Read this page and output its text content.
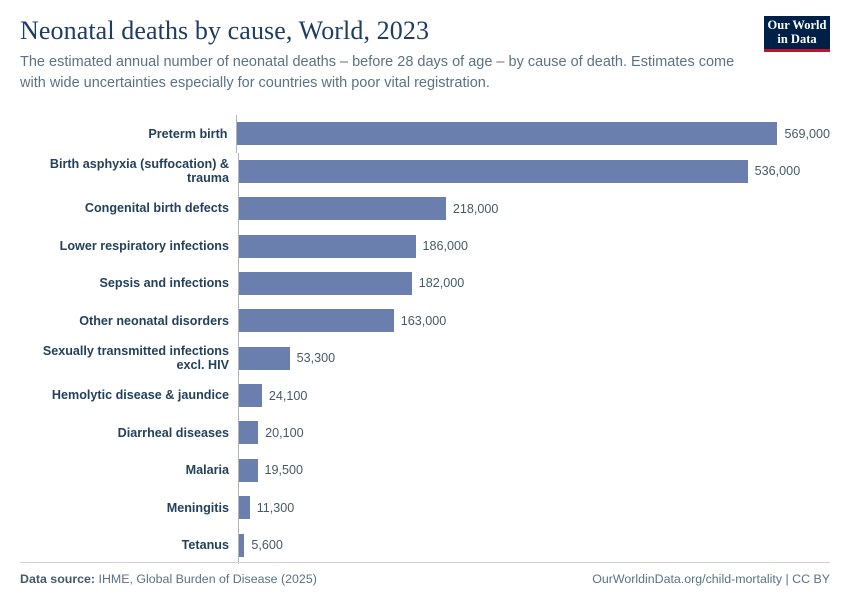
Neonatal deaths by cause, World, 2023

The estimated annual number of neonatal deaths – before 28 days of age – by cause of death. Estimates come with wide uncertainties especially for countries with poor vital registration.

Our World
in Data
Preterm birth	569,000
Birth asphyxia (suffocation) & trauma	536,000
Congenital birth defects	218,000
Lower respiratory infections	186,000
Sepsis and infections	182,000
Other neonatal disorders	163,000
Sexually transmitted infections excl. HIV	53,300
Hemolytic disease & jaundice	24,100
Diarrheal diseases	20,100
Malaria	19,500
Meningitis	11,300
Tetanus	5,600
Data source: IHME, Global Burden of Disease (2025)	OurWorldinData.org/child-mortality | CC BY
